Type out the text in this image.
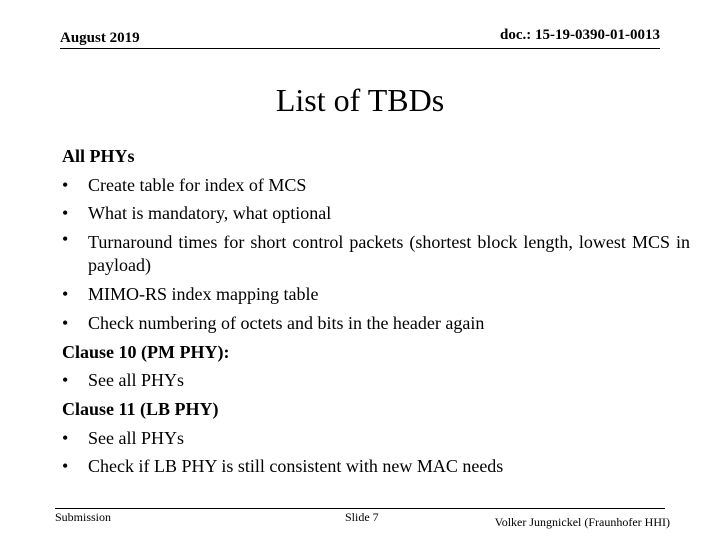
August 2019	doc.: 15-19-0390-01-0013
List of TBDs
All PHYs
• Create table for index of MCS
• What is mandatory, what optional
• Turnaround times for short control packets (shortest block length, lowest MCS in payload)
• MIMO-RS index mapping table
• Check numbering of octets and bits in the header again
Clause 10 (PM PHY):
• See all PHYs
Clause 11 (LB PHY)
• See all PHYs
• Check if LB PHY is still consistent with new MAC needs
Submission	Slide 7	Volker Jungnickel (Fraunhofer HHI)
